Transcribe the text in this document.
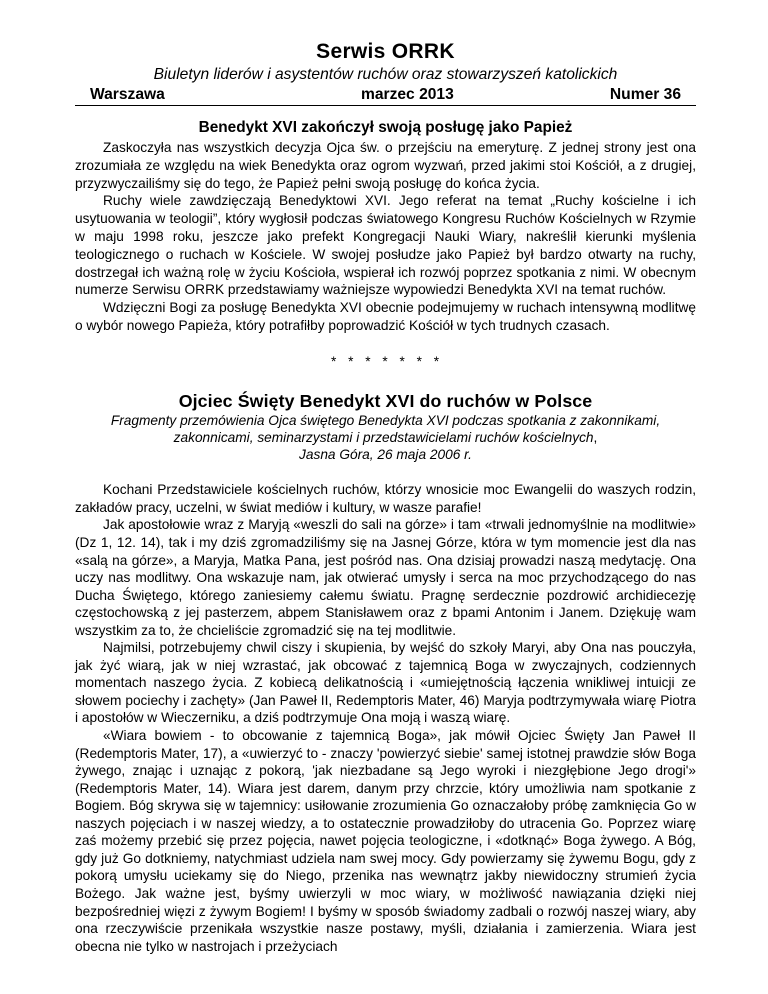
Serwis ORRK
Biuletyn liderów i asystentów ruchów oraz stowarzyszeń katolickich
Warszawa	marzec 2013	Numer 36
Benedykt XVI zakończył swoją posługę jako Papież

Zaskoczyła nas wszystkich decyzja Ojca św. o przejściu na emeryturę. Z jednej strony jest ona zrozumiała ze względu na wiek Benedykta oraz ogrom wyzwań, przed jakimi stoi Kościół, a z drugiej, przyzwyczailiśmy się do tego, że Papież pełni swoją posługę do końca życia.

Ruchy wiele zawdzięczają Benedyktowi XVI. Jego referat na temat „Ruchy kościelne i ich usytuowania w teologii”, który wygłosił podczas światowego Kongresu Ruchów Kościelnych w Rzymie w maju 1998 roku, jeszcze jako prefekt Kongregacji Nauki Wiary, nakreślił kierunki myślenia teologicznego o ruchach w Kościele. W swojej posłudze jako Papież był bardzo otwarty na ruchy, dostrzegał ich ważną rolę w życiu Kościoła, wspierał ich rozwój poprzez spotkania z nimi. W obecnym numerze Serwisu ORRK przedstawiamy ważniejsze wypowiedzi Benedykta XVI na temat ruchów.

Wdzięczni Bogi za posługę Benedykta XVI obecnie podejmujemy w ruchach intensywną modlitwę o wybór nowego Papieża, który potrafiłby poprowadzić Kościół w tych trudnych czasach.

* * * * * * *
Ojciec Święty Benedykt XVI do ruchów w Polsce
Fragmenty przemówienia Ojca świętego Benedykta XVI podczas spotkania z zakonnikami,
zakonnicami, seminarzystami i przedstawicielami ruchów kościelnych,
Jasna Góra, 26 maja 2006 r.

Kochani Przedstawiciele kościelnych ruchów, którzy wnosicie moc Ewangelii do waszych rodzin, zakładów pracy, uczelni, w świat mediów i kultury, w wasze parafie!

Jak apostołowie wraz z Maryją «weszli do sali na górze» i tam «trwali jednomyślnie na modlitwie» (Dz 1, 12. 14), tak i my dziś zgromadziliśmy się na Jasnej Górze, która w tym momencie jest dla nas «salą na górze», a Maryja, Matka Pana, jest pośród nas. Ona dzisiaj prowadzi naszą medytację. Ona uczy nas modlitwy. Ona wskazuje nam, jak otwierać umysły i serca na moc przychodzącego do nas Ducha Świętego, którego zaniesiemy całemu światu. Pragnę serdecznie pozdrowić archidiecezję częstochowską z jej pasterzem, abpem Stanisławem oraz z bpami Antonim i Janem. Dziękuję wam wszystkim za to, że chcieliście zgromadzić się na tej modlitwie.

Najmilsi, potrzebujemy chwil ciszy i skupienia, by wejść do szkoły Maryi, aby Ona nas pouczyła, jak żyć wiarą, jak w niej wzrastać, jak obcować z tajemnicą Boga w zwyczajnych, codziennych momentach naszego życia. Z kobiecą delikatnością i «umiejętnością łączenia wnikliwej intuicji ze słowem pociechy i zachęty» (Jan Paweł II, Redemptoris Mater, 46) Maryja podtrzymywała wiarę Piotra i apostołów w Wieczerniku, a dziś podtrzymuje Ona moją i waszą wiarę.

«Wiara bowiem - to obcowanie z tajemnicą Boga», jak mówił Ojciec Święty Jan Paweł II (Redemptoris Mater, 17), a «uwierzyć to - znaczy 'powierzyć siebie' samej istotnej prawdzie słów Boga żywego, znając i uznając z pokorą, 'jak niezbadane są Jego wyroki i niezgłębione Jego drogi'» (Redemptoris Mater, 14). Wiara jest darem, danym przy chrzcie, który umożliwia nam spotkanie z Bogiem. Bóg skrywa się w tajemnicy: usiłowanie zrozumienia Go oznaczałoby próbę zamknięcia Go w naszych pojęciach i w naszej wiedzy, a to ostatecznie prowadziłoby do utracenia Go. Poprzez wiarę zaś możemy przebić się przez pojęcia, nawet pojęcia teologiczne, i «dotknąć» Boga żywego. A Bóg, gdy już Go dotkniemy, natychmiast udziela nam swej mocy. Gdy powierzamy się żywemu Bogu, gdy z pokorą umysłu uciekamy się do Niego, przenika nas wewnątrz jakby niewidoczny strumień życia Bożego. Jak ważne jest, byśmy uwierzyli w moc wiary, w możliwość nawiązania dzięki niej bezpośredniej więzi z żywym Bogiem! I byśmy w sposób świadomy zadbali o rozwój naszej wiary, aby ona rzeczywiście przenikała wszystkie nasze postawy, myśli, działania i zamierzenia. Wiara jest obecna nie tylko w nastrojach i przeżyciach
